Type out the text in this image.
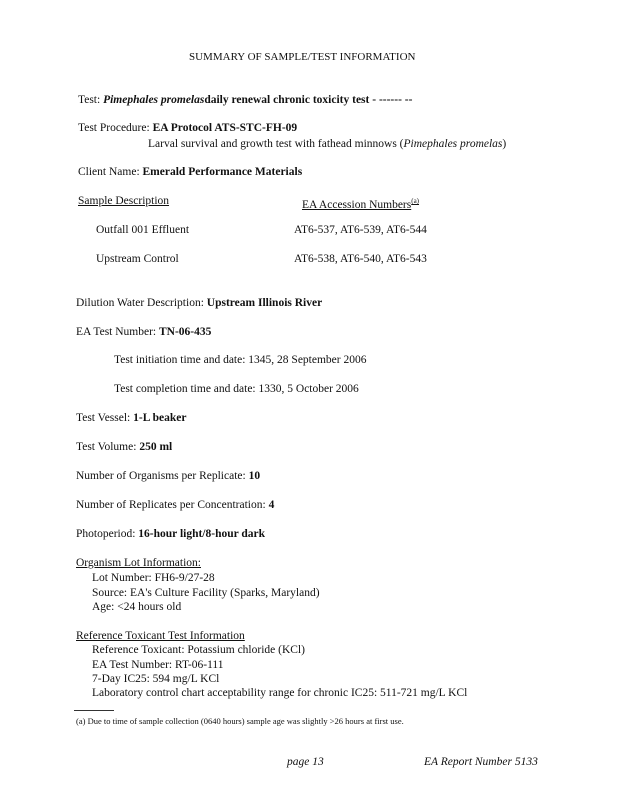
SUMMARY OF SAMPLE/TEST INFORMATION
Test: Pimephales promelasdaily renewal chronic toxicity test - ------ --
Test Procedure: EA Protocol ATS-STC-FH-09
Larval survival and growth test with fathead minnows (Pimephales promelas)
Client Name: Emerald Performance Materials
Sample Description	EA Accession Numbers$^{(a)}$
Outfall 001 Effluent	AT6-537, AT6-539, AT6-544
Upstream Control	AT6-538, AT6-540, AT6-543
Dilution Water Description: Upstream Illinois River
EA Test Number: TN-06-435
Test initiation time and date: 1345, 28 September 2006
Test completion time and date: 1330, 5 October 2006
Test Vessel: 1-L beaker
Test Volume: 250 ml
Number of Organisms per Replicate: 10
Number of Replicates per Concentration: 4
Photoperiod: 16-hour light/8-hour dark
Organism Lot Information:
Lot Number: FH6-9/27-28
Source: EA's Culture Facility (Sparks, Maryland)
Age: <24 hours old
Reference Toxicant Test Information
Reference Toxicant: Potassium chloride (KCl)
EA Test Number: RT-06-111
7-Day IC25: 594 mg/L KCl
Laboratory control chart acceptability range for chronic IC25: 511-721 mg/L KCl
(a) Due to time of sample collection (0640 hours) sample age was slightly >26 hours at first use.
page 13	EA Report Number 5133
